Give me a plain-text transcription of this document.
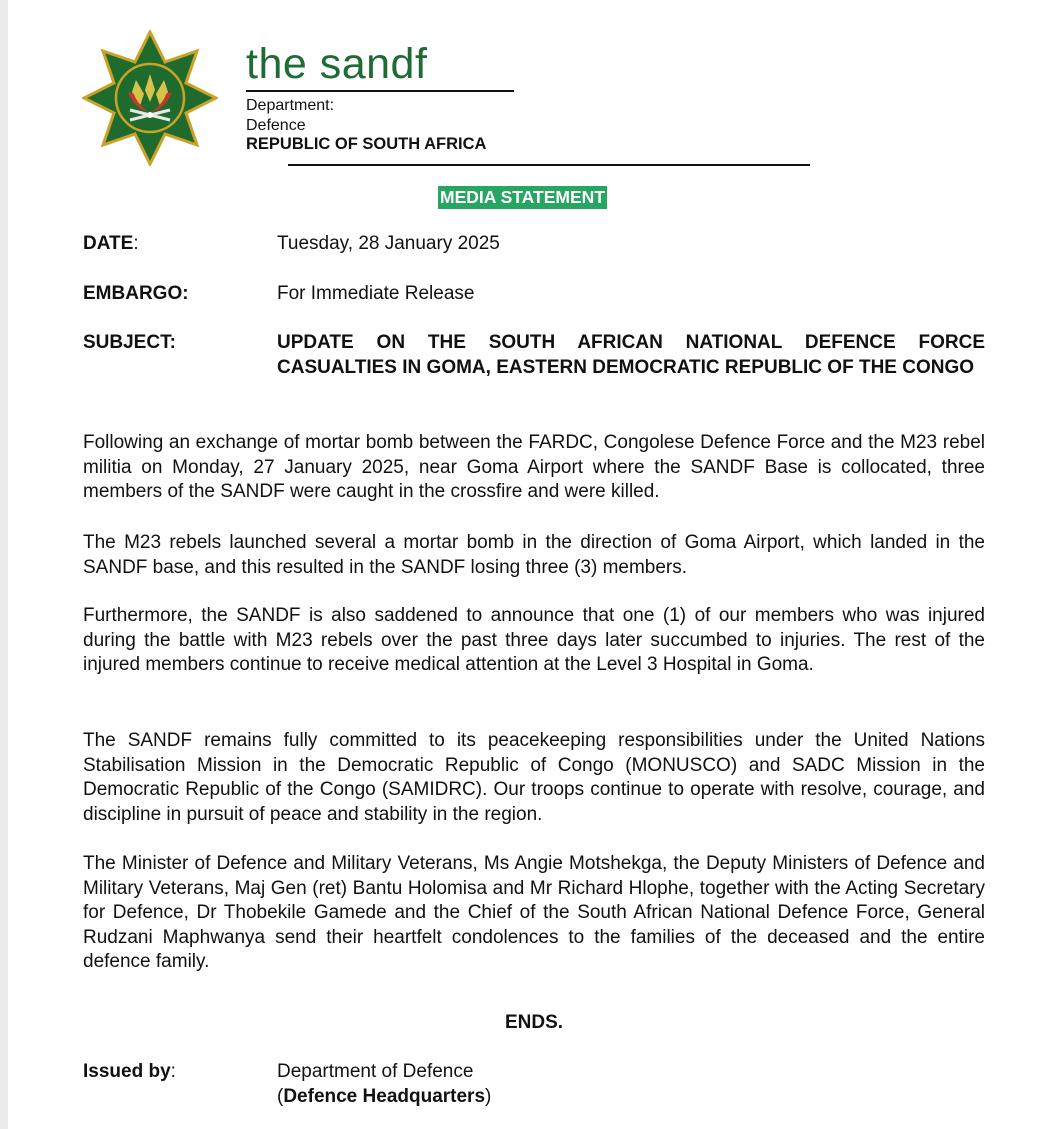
the sandf
Department:
Defence
REPUBLIC OF SOUTH AFRICA
MEDIA STATEMENT
DATE:	Tuesday, 28 January 2025
EMBARGO:	For Immediate Release
SUBJECT:	UPDATE ON THE SOUTH AFRICAN NATIONAL DEFENCE FORCE CASUALTIES IN GOMA, EASTERN DEMOCRATIC REPUBLIC OF THE CONGO
Following an exchange of mortar bomb between the FARDC, Congolese Defence Force and the M23 rebel militia on Monday, 27 January 2025, near Goma Airport where the SANDF Base is collocated, three members of the SANDF were caught in the crossfire and were killed.
The M23 rebels launched several a mortar bomb in the direction of Goma Airport, which landed in the SANDF base, and this resulted in the SANDF losing three (3) members.
Furthermore, the SANDF is also saddened to announce that one (1) of our members who was injured during the battle with M23 rebels over the past three days later succumbed to injuries. The rest of the injured members continue to receive medical attention at the Level 3 Hospital in Goma.
The SANDF remains fully committed to its peacekeeping responsibilities under the United Nations Stabilisation Mission in the Democratic Republic of Congo (MONUSCO) and SADC Mission in the Democratic Republic of the Congo (SAMIDRC). Our troops continue to operate with resolve, courage, and discipline in pursuit of peace and stability in the region.
The Minister of Defence and Military Veterans, Ms Angie Motshekga, the Deputy Ministers of Defence and Military Veterans, Maj Gen (ret) Bantu Holomisa and Mr Richard Hlophe, together with the Acting Secretary for Defence, Dr Thobekile Gamede and the Chief of the South African National Defence Force, General Rudzani Maphwanya send their heartfelt condolences to the families of the deceased and the entire defence family.
ENDS.
Issued by:	Department of Defence
(Defence Headquarters)
